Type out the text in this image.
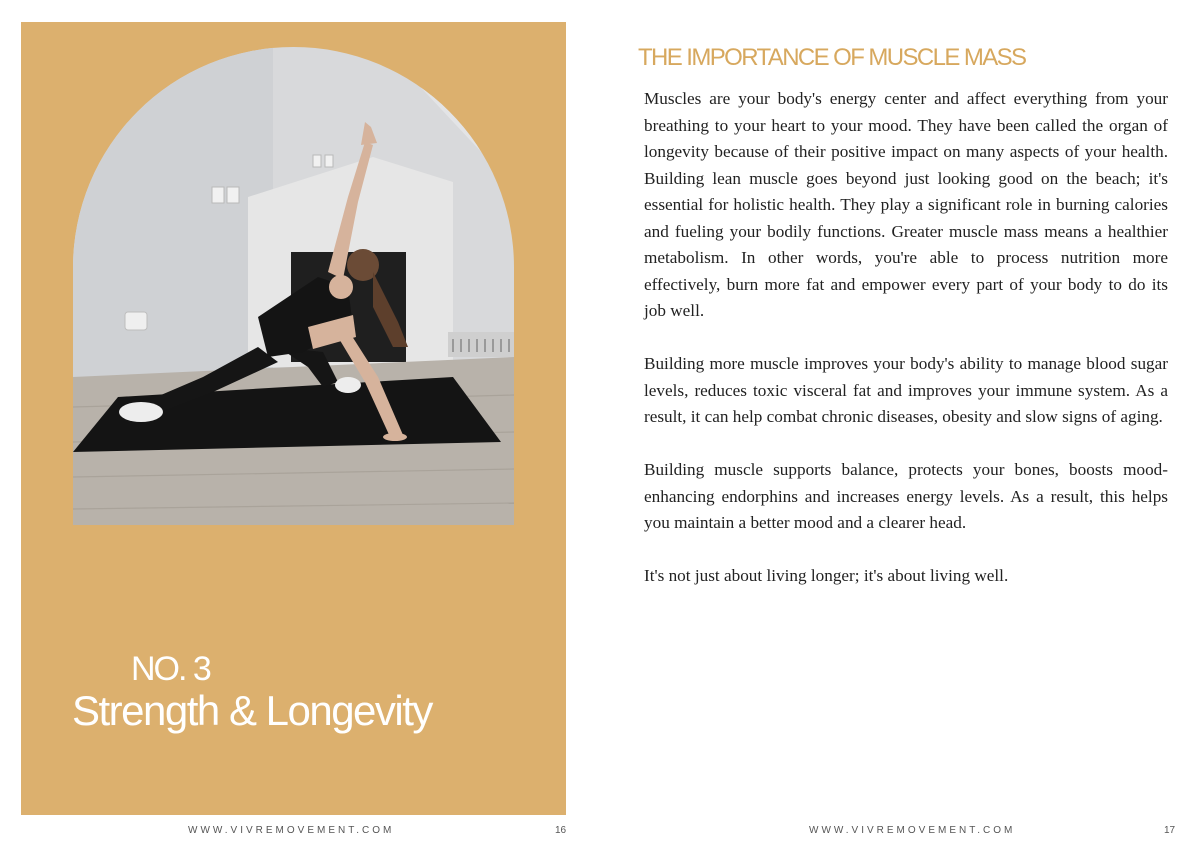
NO. 3
Strength & Longevity
WWW.VIVREMOVEMENT.COM	16
THE IMPORTANCE OF MUSCLE MASS

Muscles are your body's energy center and affect everything from your breathing to your heart to your mood. They have been called the organ of longevity because of their positive impact on many aspects of your health. Building lean muscle goes beyond just looking good on the beach; it's essential for holistic health. They play a significant role in burning calories and fueling your bodily functions. Greater muscle mass means a healthier metabolism. In other words, you're able to process nutrition more effectively, burn more fat and empower every part of your body to do its job well.

Building more muscle improves your body's ability to manage blood sugar levels, reduces toxic visceral fat and improves your immune system. As a result, it can help combat chronic diseases, obesity and slow signs of aging.

Building muscle supports balance, protects your bones, boosts mood-enhancing endorphins and increases energy levels. As a result, this helps you maintain a better mood and a clearer head.

It's not just about living longer; it's about living well.

WWW.VIVREMOVEMENT.COM	17
